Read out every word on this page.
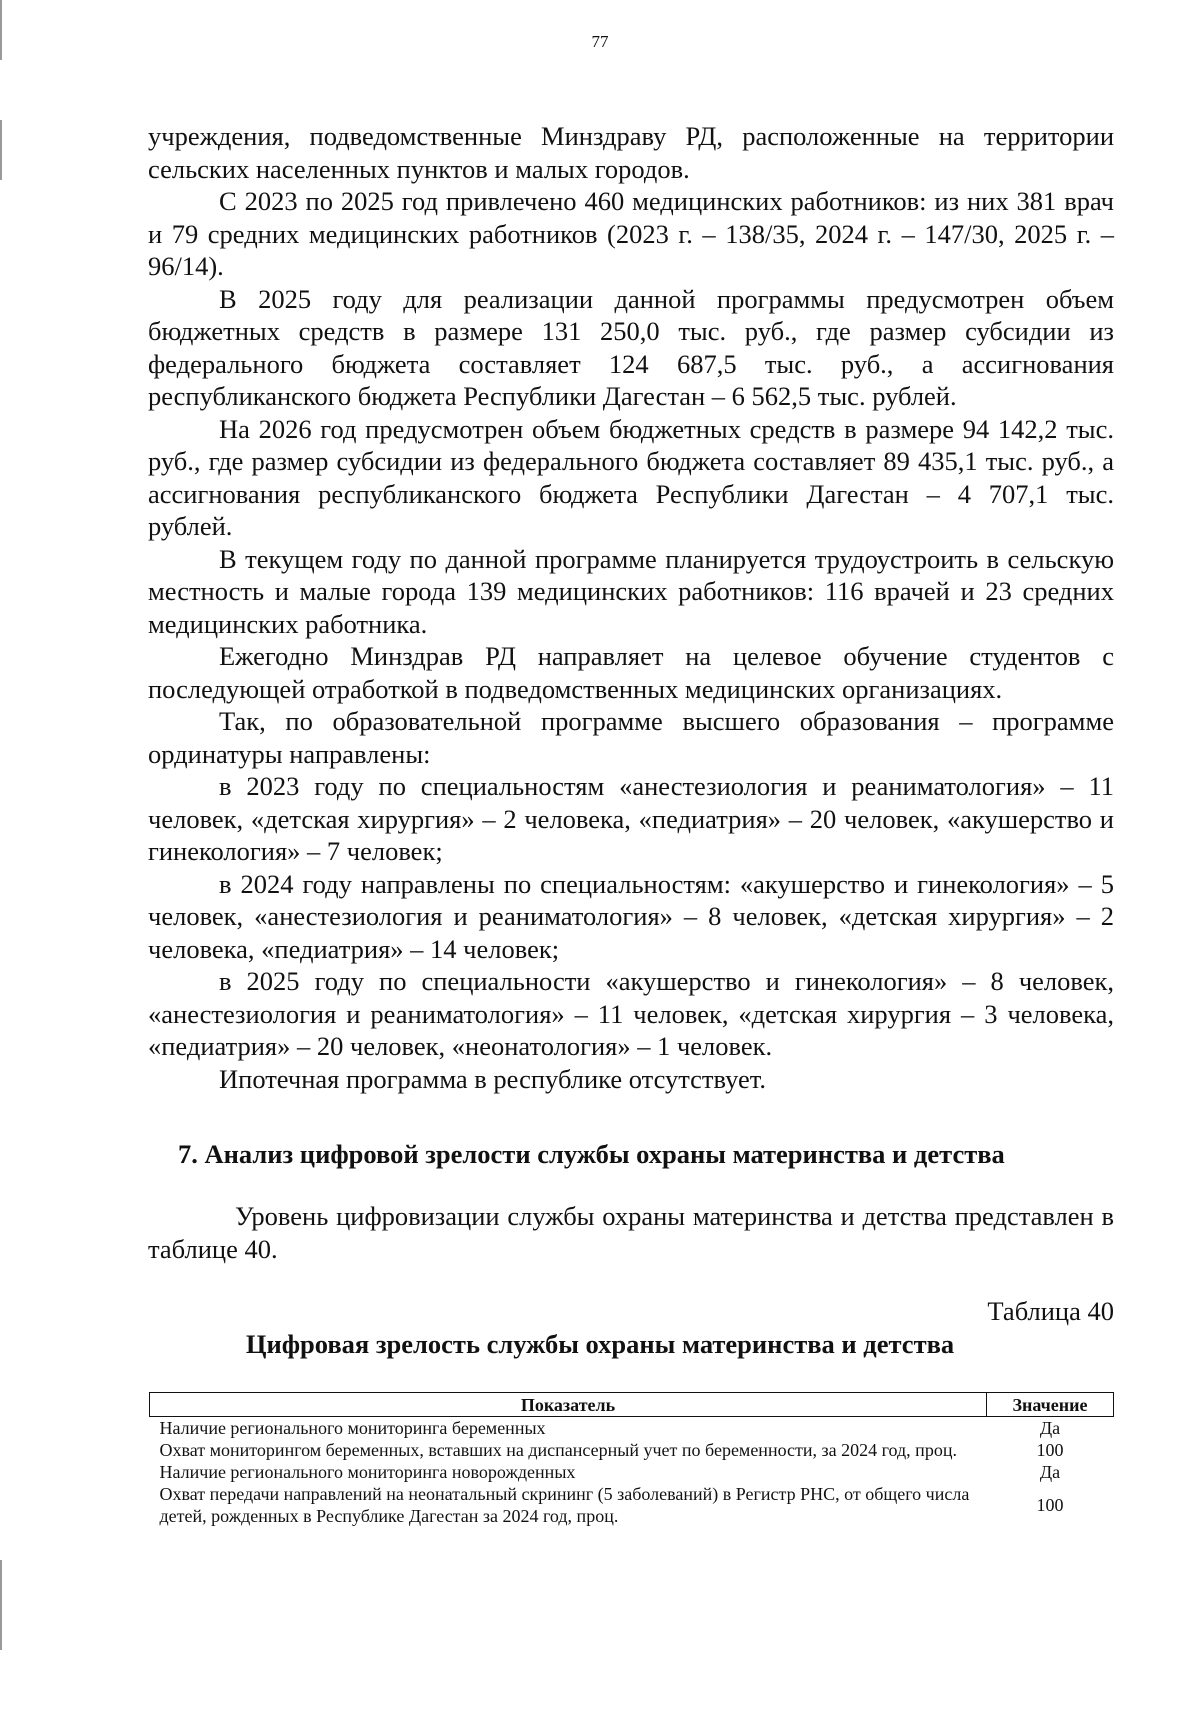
77

учреждения, подведомственные Минздраву РД, расположенные на территории сельских населенных пунктов и малых городов.

С 2023 по 2025 год привлечено 460 медицинских работников: из них 381 врач и 79 средних медицинских работников (2023 г. – 138/35, 2024 г. – 147/30, 2025 г. – 96/14).

В 2025 году для реализации данной программы предусмотрен объем бюджетных средств в размере 131 250,0 тыс. руб., где размер субсидии из федерального бюджета составляет 124 687,5 тыс. руб., а ассигнования республиканского бюджета Республики Дагестан – 6 562,5 тыс. рублей.

На 2026 год предусмотрен объем бюджетных средств в размере 94 142,2 тыс. руб., где размер субсидии из федерального бюджета составляет 89 435,1 тыс. руб., а ассигнования республиканского бюджета Республики Дагестан – 4 707,1 тыс. рублей.

В текущем году по данной программе планируется трудоустроить в сельскую местность и малые города 139 медицинских работников: 116 врачей и 23 средних медицинских работника.

Ежегодно Минздрав РД направляет на целевое обучение студентов с последующей отработкой в подведомственных медицинских организациях.

Так, по образовательной программе высшего образования – программе ординатуры направлены:

в 2023 году по специальностям «анестезиология и реаниматология» – 11 человек, «детская хирургия» – 2 человека, «педиатрия» – 20 человек, «акушерство и гинекология» – 7 человек;

в 2024 году направлены по специальностям: «акушерство и гинекология» – 5 человек, «анестезиология и реаниматология» – 8 человек, «детская хирургия» – 2 человека, «педиатрия» – 14 человек;

в 2025 году по специальности «акушерство и гинекология» – 8 человек, «анестезиология и реаниматология» – 11 человек, «детская хирургия – 3 человека, «педиатрия» – 20 человек, «неонатология» – 1 человек.

Ипотечная программа в республике отсутствует.

7. Анализ цифровой зрелости службы охраны материнства и детства

Уровень цифровизации службы охраны материнства и детства представлен в таблице 40.

Таблица 40
Цифровая зрелость службы охраны материнства и детства
Показатель	Значение
Наличие регионального мониторинга беременных	Да
Охват мониторингом беременных, вставших на диспансерный учет по беременности, за 2024 год, проц.	100
Наличие регионального мониторинга новорожденных	Да
Охват передачи направлений на неонатальный скрининг (5 заболеваний) в Регистр РНС, от общего числа детей, рожденных в Республике Дагестан за 2024 год, проц.	100
